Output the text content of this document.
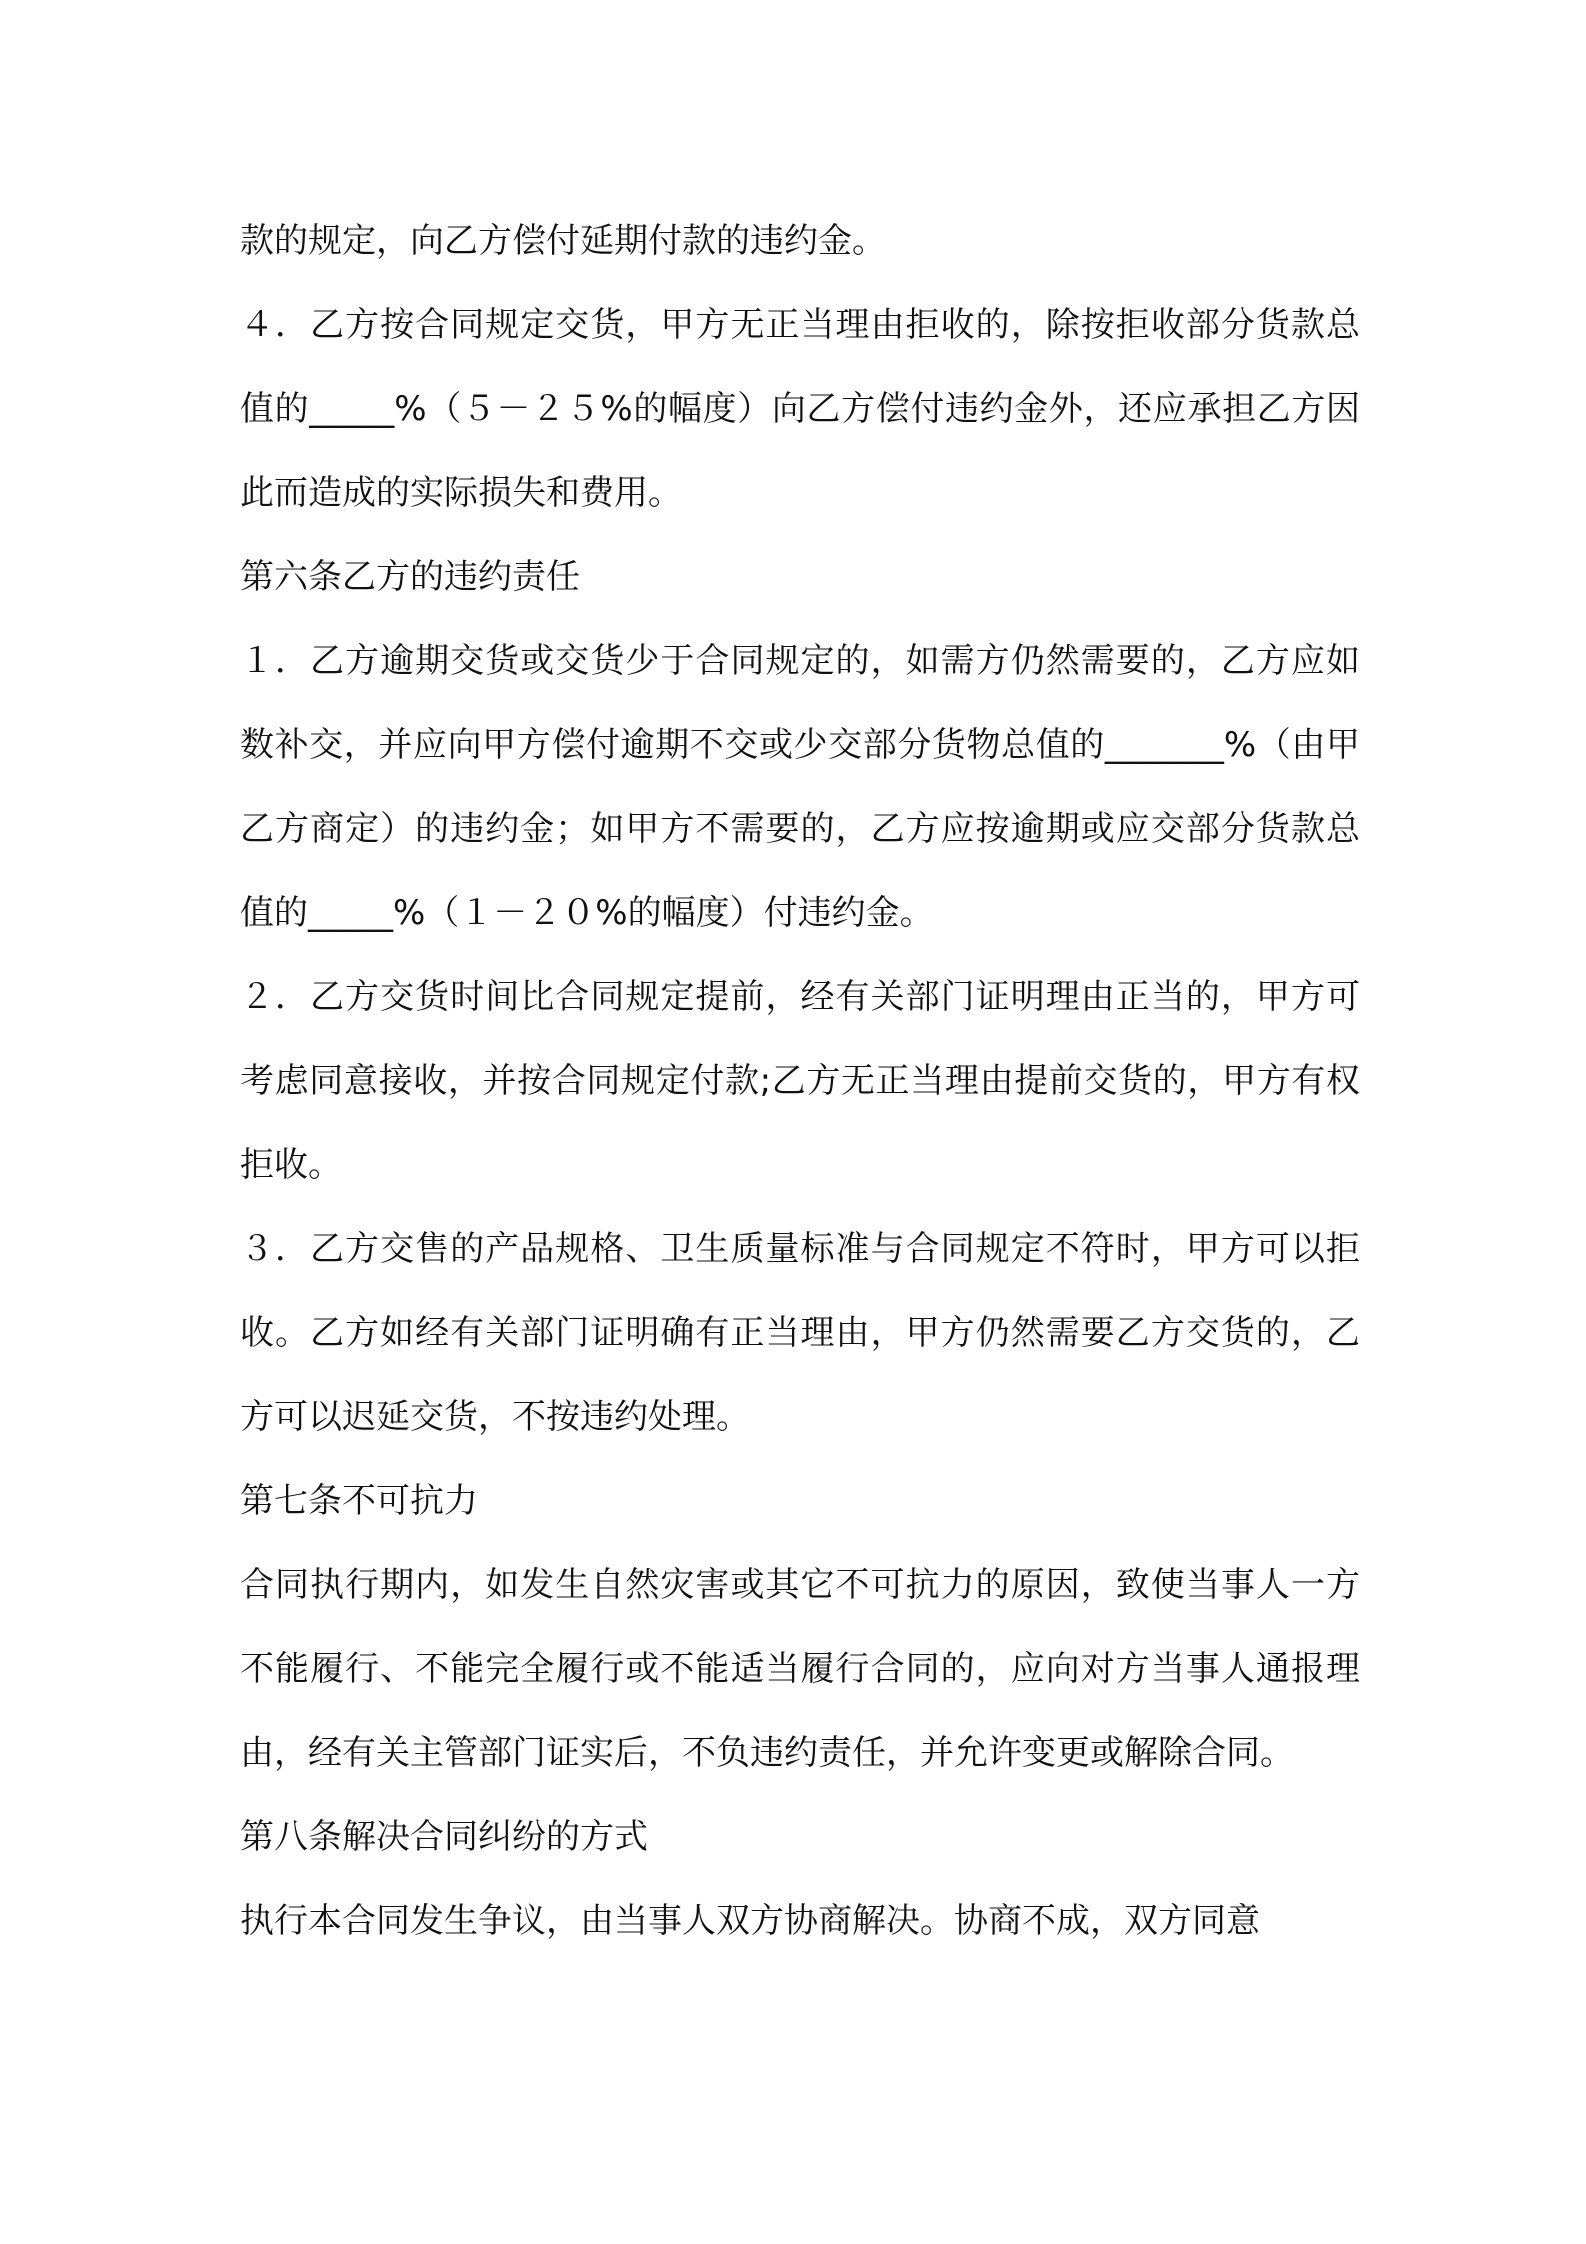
款的规定，向乙方偿付延期付款的违约金。

４．乙方按合同规定交货，甲方无正当理由拒收的，除按拒收部分货款总值的_____%（５－２５%的幅度）向乙方偿付违约金外，还应承担乙方因此而造成的实际损失和费用。

第六条乙方的违约责任

１．乙方逾期交货或交货少于合同规定的，如需方仍然需要的，乙方应如数补交，并应向甲方偿付逾期不交或少交部分货物总值的_______%（由甲乙方商定）的违约金；如甲方不需要的，乙方应按逾期或应交部分货款总值的_____%（１－２０%的幅度）付违约金。

２．乙方交货时间比合同规定提前，经有关部门证明理由正当的，甲方可考虑同意接收，并按合同规定付款;乙方无正当理由提前交货的，甲方有权拒收。

３．乙方交售的产品规格、卫生质量标准与合同规定不符时，甲方可以拒收。乙方如经有关部门证明确有正当理由，甲方仍然需要乙方交货的，乙方可以迟延交货，不按违约处理。

第七条不可抗力

合同执行期内，如发生自然灾害或其它不可抗力的原因，致使当事人一方不能履行、不能完全履行或不能适当履行合同的，应向对方当事人通报理由，经有关主管部门证实后，不负违约责任，并允许变更或解除合同。

第八条解决合同纠纷的方式

执行本合同发生争议，由当事人双方协商解决。协商不成，双方同意
